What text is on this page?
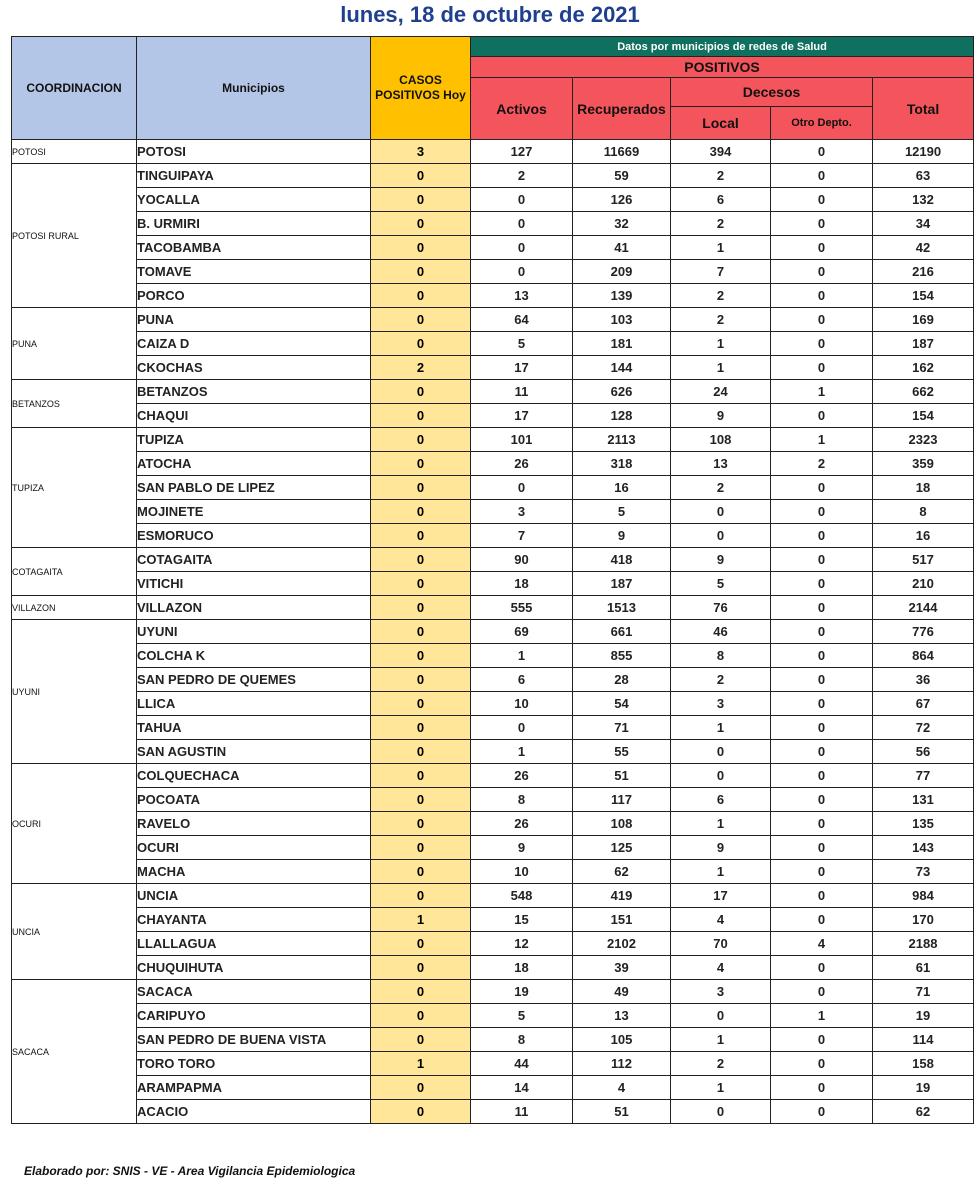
lunes, 18 de octubre de 2021
COORDINACION	Municipios	CASOS POSITIVOS Hoy	Datos por municipios de redes de Salud				
			POSITIVOS				
			Activos	Recuperados	Decesos		Total
					Local	Otro Depto.	
POTOSI	POTOSI	3	127	11669	394	0	12190
POTOSI RURAL	TINGUIPAYA	0	2	59	2	0	63
	YOCALLA	0	0	126	6	0	132
	B. URMIRI	0	0	32	2	0	34
	TACOBAMBA	0	0	41	1	0	42
	TOMAVE	0	0	209	7	0	216
	PORCO	0	13	139	2	0	154
PUNA	PUNA	0	64	103	2	0	169
	CAIZA D	0	5	181	1	0	187
	CKOCHAS	2	17	144	1	0	162
BETANZOS	BETANZOS	0	11	626	24	1	662
	CHAQUI	0	17	128	9	0	154
TUPIZA	TUPIZA	0	101	2113	108	1	2323
	ATOCHA	0	26	318	13	2	359
	SAN PABLO DE LIPEZ	0	0	16	2	0	18
	MOJINETE	0	3	5	0	0	8
	ESMORUCO	0	7	9	0	0	16
COTAGAITA	COTAGAITA	0	90	418	9	0	517
	VITICHI	0	18	187	5	0	210
VILLAZON	VILLAZON	0	555	1513	76	0	2144
UYUNI	UYUNI	0	69	661	46	0	776
	COLCHA K	0	1	855	8	0	864
	SAN PEDRO DE QUEMES	0	6	28	2	0	36
	LLICA	0	10	54	3	0	67
	TAHUA	0	0	71	1	0	72
	SAN AGUSTIN	0	1	55	0	0	56
OCURI	COLQUECHACA	0	26	51	0	0	77
	POCOATA	0	8	117	6	0	131
	RAVELO	0	26	108	1	0	135
	OCURI	0	9	125	9	0	143
	MACHA	0	10	62	1	0	73
UNCIA	UNCIA	0	548	419	17	0	984
	CHAYANTA	1	15	151	4	0	170
	LLALLAGUA	0	12	2102	70	4	2188
	CHUQUIHUTA	0	18	39	4	0	61
SACACA	SACACA	0	19	49	3	0	71
	CARIPUYO	0	5	13	0	1	19
	SAN PEDRO DE BUENA VISTA	0	8	105	1	0	114
	TORO TORO	1	44	112	2	0	158
	ARAMPAPMA	0	14	4	1	0	19
	ACACIO	0	11	51	0	0	62
Elaborado por: SNIS - VE - Area Vigilancia Epidemiologica
